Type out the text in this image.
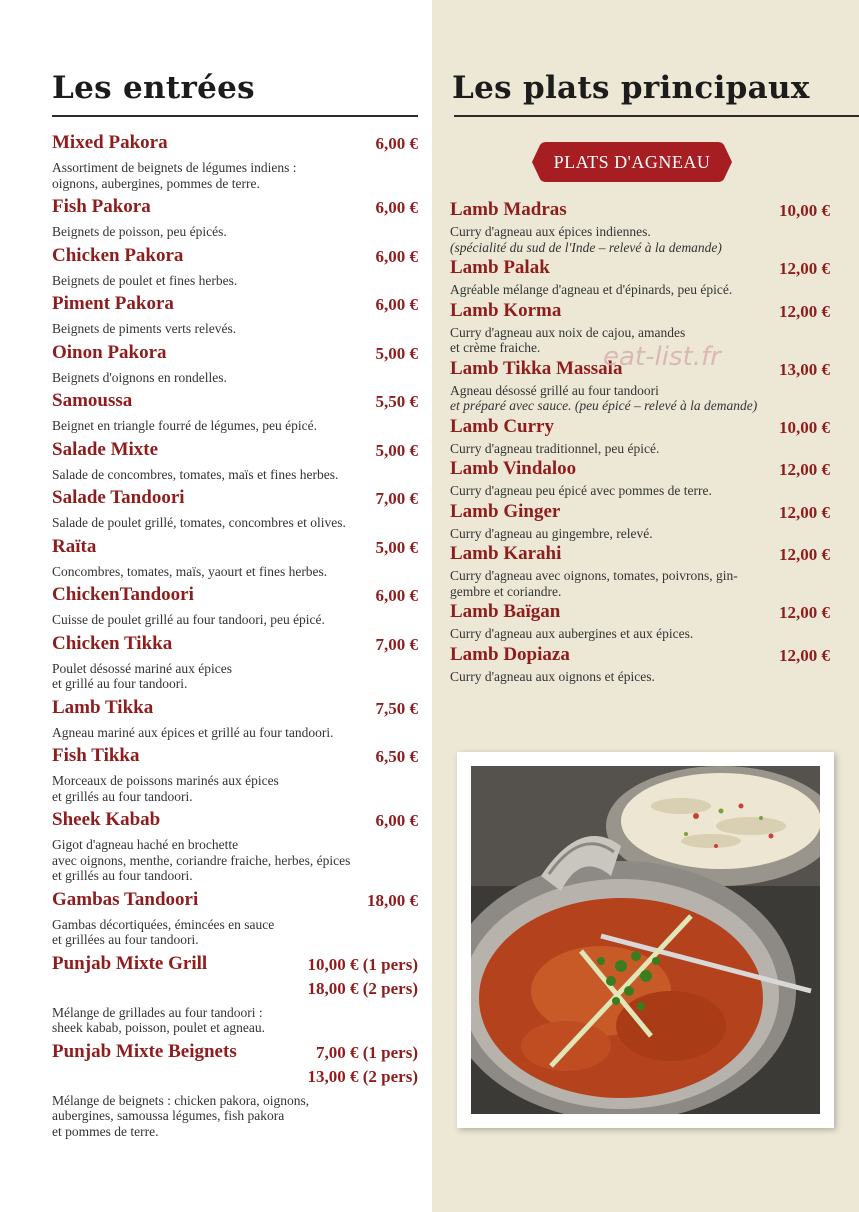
Les entrées
Mixed Pakora	6,00 €
Assortiment de beignets de légumes indiens :
oignons, aubergines, pommes de terre.
Fish Pakora	6,00 €
Beignets de poisson, peu épicés.
Chicken Pakora	6,00 €
Beignets de poulet et fines herbes.
Piment Pakora	6,00 €
Beignets de piments verts relevés.
Oinon Pakora	5,00 €
Beignets d'oignons en rondelles.
Samoussa	5,50 €
Beignet en triangle fourré de légumes, peu épicé.
Salade Mixte	5,00 €
Salade de concombres, tomates, maïs et fines herbes.
Salade Tandoori	7,00 €
Salade de poulet grillé, tomates, concombres et olives.
Raïta	5,00 €
Concombres, tomates, maïs, yaourt et fines herbes.
ChickenTandoori	6,00 €
Cuisse de poulet grillé au four tandoori, peu épicé.
Chicken Tikka	7,00 €
Poulet désossé mariné aux épices
et grillé au four tandoori.
Lamb Tikka	7,50 €
Agneau mariné aux épices et grillé au four tandoori.
Fish Tikka	6,50 €
Morceaux de poissons marinés aux épices
et grillés au four tandoori.
Sheek Kabab	6,00 €
Gigot d'agneau haché en brochette
avec oignons, menthe, coriandre fraiche, herbes, épices
et grillés au four tandoori.
Gambas Tandoori	18,00 €
Gambas décortiquées, émincées en sauce
et grillées au four tandoori.
Punjab Mixte Grill	10,00 € (1 pers)
18,00 € (2 pers)
Mélange de grillades au four tandoori :
sheek kabab, poisson, poulet et agneau.
Punjab Mixte Beignets	7,00 € (1 pers)
13,00 € (2 pers)
Mélange de beignets : chicken pakora, oignons,
aubergines, samoussa légumes, fish pakora
et pommes de terre.
Les plats principaux
PLATS D'AGNEAU
Lamb Madras	10,00 €
Curry d'agneau aux épices indiennes.
(spécialité du sud de l'Inde – relevé à la demande)
Lamb Palak	12,00 €
Agréable mélange d'agneau et d'épinards, peu épicé.
Lamb Korma	12,00 €
Curry d'agneau aux noix de cajou, amandes
et crème fraiche.
Lamb Tikka Massala	13,00 €
Agneau désossé grillé au four tandoori
et préparé avec sauce. (peu épicé – relevé à la demande)
Lamb Curry	10,00 €
Curry d'agneau traditionnel, peu épicé.
Lamb Vindaloo	12,00 €
Curry d'agneau peu épicé avec pommes de terre.
Lamb Ginger	12,00 €
Curry d'agneau au gingembre, relevé.
Lamb Karahi	12,00 €
Curry d'agneau avec oignons, tomates, poivrons, gin-
gembre et coriandre.
Lamb Baïgan	12,00 €
Curry d'agneau aux aubergines et aux épices.
Lamb Dopiaza	12,00 €
Curry d'agneau aux oignons et épices.
eat-list.fr
